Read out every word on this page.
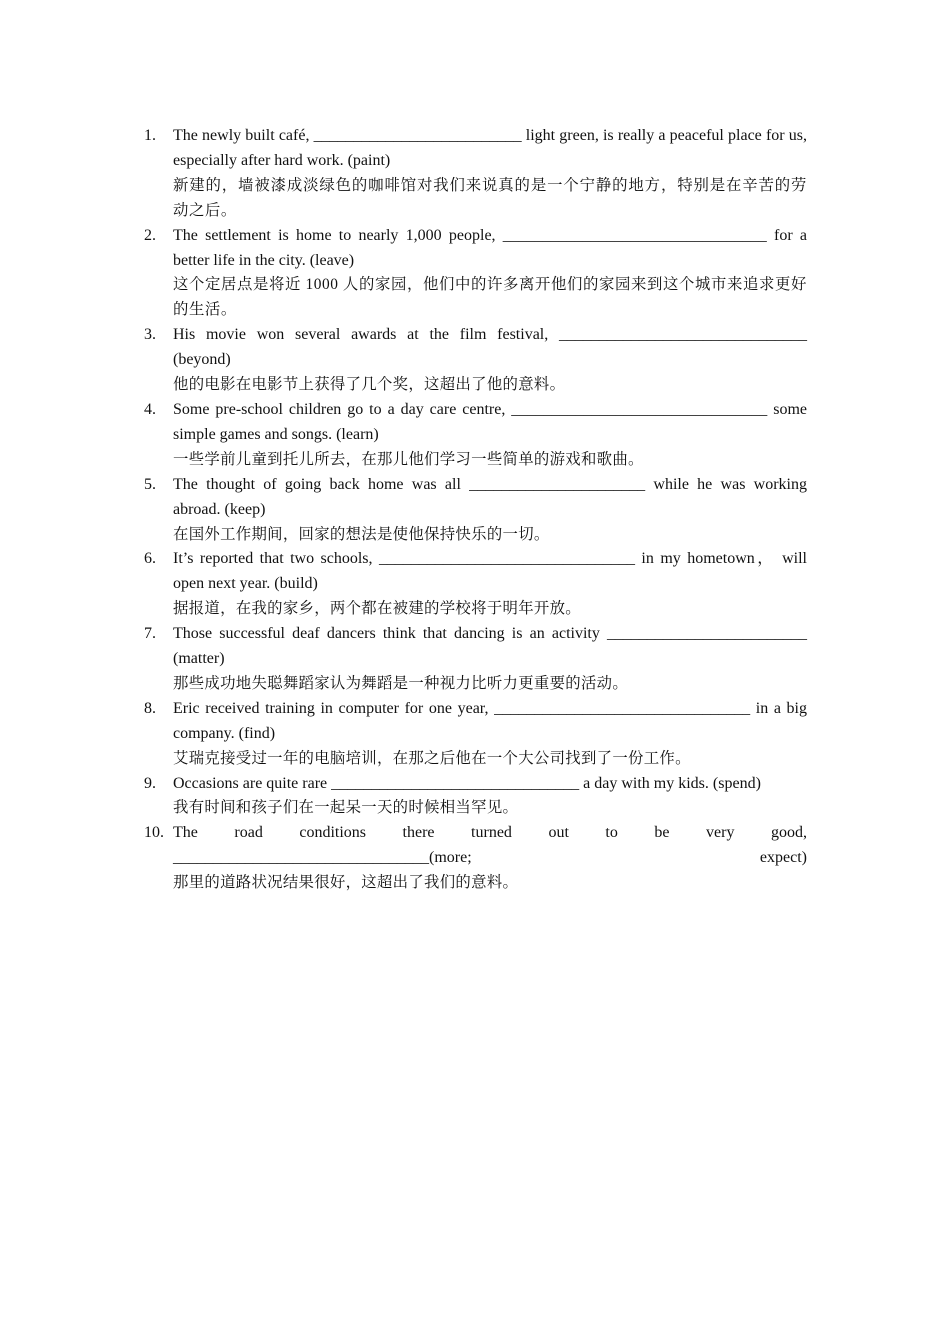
1. The newly built café, __________________________ light green, is really a peaceful place for us, especially after hard work. (paint)
新建的，墙被漆成淡绿色的咖啡馆对我们来说真的是一个宁静的地方，特别是在辛苦的劳动之后。
2. The settlement is home to nearly 1,000 people, _________________________________ for a better life in the city. (leave)
这个定居点是将近 1000 人的家园，他们中的许多离开他们的家园来到这个城市来追求更好的生活。
3. His movie won several awards at the film festival, _______________________________ (beyond)
他的电影在电影节上获得了几个奖，这超出了他的意料。
4. Some pre-school children go to a day care centre, ________________________________ some simple games and songs. (learn)
一些学前儿童到托儿所去，在那儿他们学习一些简单的游戏和歌曲。
5. The thought of going back home was all ______________________ while he was working abroad. (keep)
在国外工作期间，回家的想法是使他保持快乐的一切。
6. It’s reported that two schools, ________________________________ in my hometown， will open next year. (build)
据报道，在我的家乡，两个都在被建的学校将于明年开放。
7. Those successful deaf dancers think that dancing is an activity _________________________ (matter)
那些成功地失聪舞蹈家认为舞蹈是一种视力比听力更重要的活动。
8. Eric received training in computer for one year, ________________________________ in a big company. (find)
艾瑞克接受过一年的电脑培训，在那之后他在一个大公司找到了一份工作。
9. Occasions are quite rare _______________________________ a day with my kids. (spend)
我有时间和孩子们在一起呆一天的时候相当罕见。
10. The road conditions there turned out to be very good, ________________________________(more; expect)
那里的道路状况结果很好，这超出了我们的意料。
